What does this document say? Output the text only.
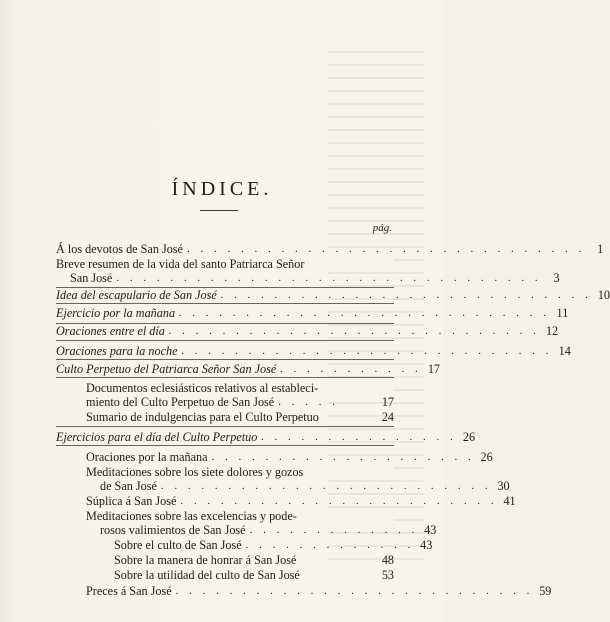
ÍNDICE.
pág.
Á los devotos de San José . . . . . . . . . . . . . . . . . . . . . . . . . . . . . . 1
Breve resumen de la vida del santo Patriarca Señor
San José . . . . . . . . . . . . . . . . . . . . . . . . . . . . . . . . 3
Idea del escapulario de San José . . . . . . . . . . . . . . . . . . . . . . . . . . . . 10
Ejercicio por la mañana . . . . . . . . . . . . . . . . . . . . . . . . . . . . 11
Oraciones entre el día . . . . . . . . . . . . . . . . . . . . . . . . . . . . 12
Oraciones para la noche . . . . . . . . . . . . . . . . . . . . . . . . . . . . 14
Culto Perpetuo del Patriarca Señor San José . . . . . . . . . . . 17
Documentos eclesiásticos relativos al estableci-
miento del Culto Perpetuo de San José . . . . .	17
Sumario de indulgencias para el Culto Perpetuo	24
Ejercicios para el día del Culto Perpetuo . . . . . . . . . . . . . . . 26
Oraciones por la mañana . . . . . . . . . . . . . . . . . . . . 26
Meditaciones sobre los siete dolores y gozos
de San José . . . . . . . . . . . . . . . . . . . . . . . . . 30
Súplica á San José . . . . . . . . . . . . . . . . . . . . . . . . 41
Meditaciones sobre las excelencias y pode-
rosos valimientos de San José . . . . . . . . . . . . . 43
Sobre el culto de San José . . . . . . . . . . . . . 43
Sobre la manera de honrar á San José	48
Sobre la utilidad del culto de San José	53
Preces á San José . . . . . . . . . . . . . . . . . . . . . . . . . . . 59
